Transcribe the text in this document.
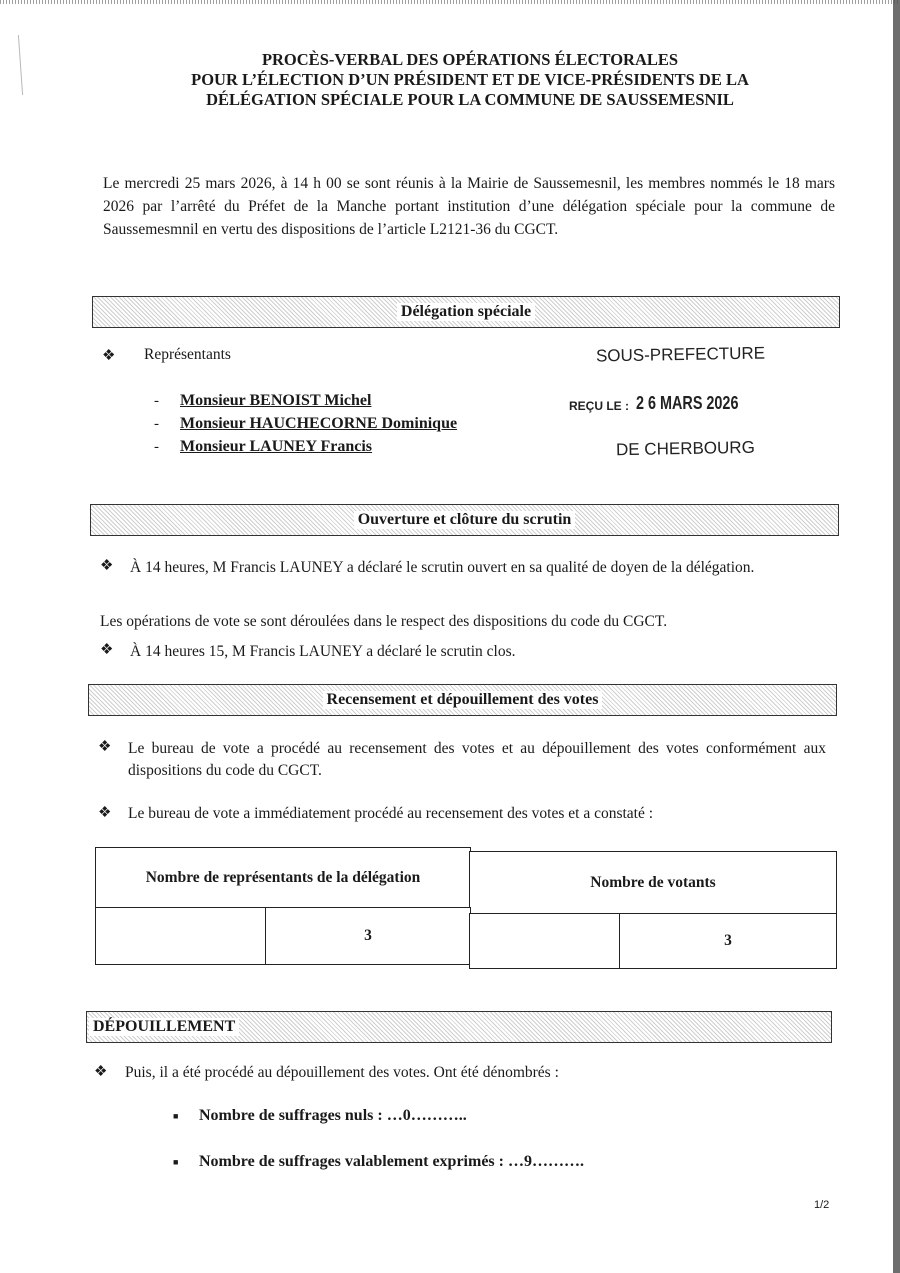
PROCÈS-VERBAL DES OPÉRATIONS ÉLECTORALES
POUR L’ÉLECTION D’UN PRÉSIDENT ET DE VICE-PRÉSIDENTS DE LA
DÉLÉGATION SPÉCIALE POUR LA COMMUNE DE SAUSSEMESNIL
Le mercredi 25 mars 2026, à 14 h 00 se sont réunis à la Mairie de Saussemesnil, les membres nommés le 18 mars 2026 par l’arrêté du Préfet de la Manche portant institution d’une délégation spéciale pour la commune de Saussemesmnil en vertu des dispositions de l’article L2121-36 du CGCT.
Délégation spéciale
❖ Représentants
- Monsieur BENOIST Michel
- Monsieur HAUCHECORNE Dominique
- Monsieur LAUNEY Francis
SOUS-PREFECTURE
REÇU LE : 2 6 MARS 2026
DE CHERBOURG
Ouverture et clôture du scrutin
❖ À 14 heures, M Francis LAUNEY a déclaré le scrutin ouvert en sa qualité de doyen de la délégation.
Les opérations de vote se sont déroulées dans le respect des dispositions du code du CGCT.
❖ À 14 heures 15, M Francis LAUNEY a déclaré le scrutin clos.
Recensement et dépouillement des votes
❖ Le bureau de vote a procédé au recensement des votes et au dépouillement des votes conformément aux dispositions du code du CGCT.
❖ Le bureau de vote a immédiatement procédé au recensement des votes et a constaté :
Nombre de représentants de la délégation	Nombre de votants
3	3
DÉPOUILLEMENT
❖ Puis, il a été procédé au dépouillement des votes. Ont été dénombrés :
■ Nombre de suffrages nuls : …0………..
■ Nombre de suffrages valablement exprimés : …9……….
1/2
